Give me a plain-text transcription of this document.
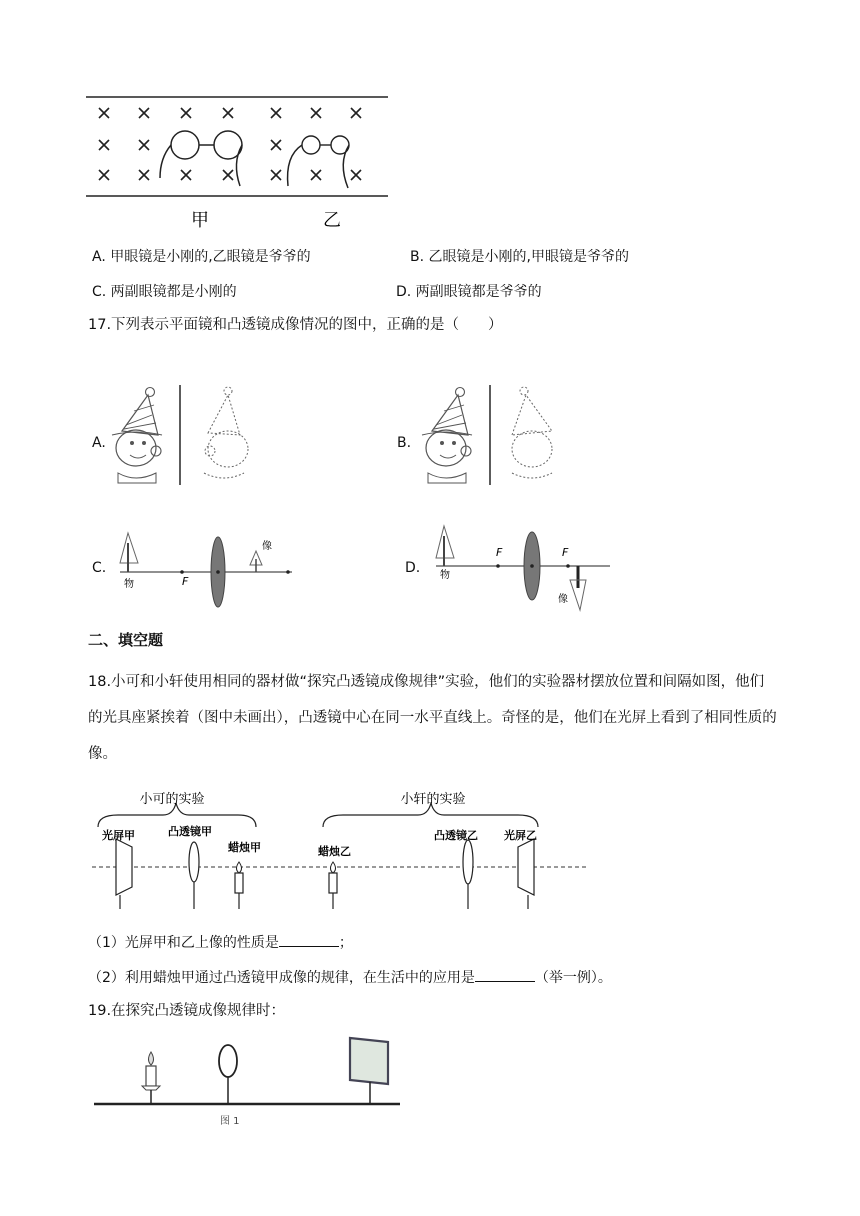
甲	乙
A. 甲眼镜是小刚的,乙眼镜是爷爷的	B. 乙眼镜是小刚的,甲眼镜是爷爷的
C. 两副眼镜都是小刚的	D. 两副眼镜都是爷爷的
17.下列表示平面镜和凸透镜成像情况的图中，正确的是（　　）
A.	B.
C.	D.
F
物
像	F	F
物
像
二、填空题
18.小可和小轩使用相同的器材做“探究凸透镜成像规律”实验，他们的实验器材摆放位置和间隔如图，他们的光具座紧挨着（图中未画出），凸透镜中心在同一水平直线上。奇怪的是，他们在光屏上看到了相同性质的像。
小可的实验	小轩的实验
光屏甲	凸透镜甲
蜡烛甲	蜡烛乙
凸透镜乙 光屏乙
（1）光屏甲和乙上像的性质是	；
（2）利用蜡烛甲通过凸透镜甲成像的规律，在生活中的应用是	（举一例）。
19.在探究凸透镜成像规律时：
图 1
